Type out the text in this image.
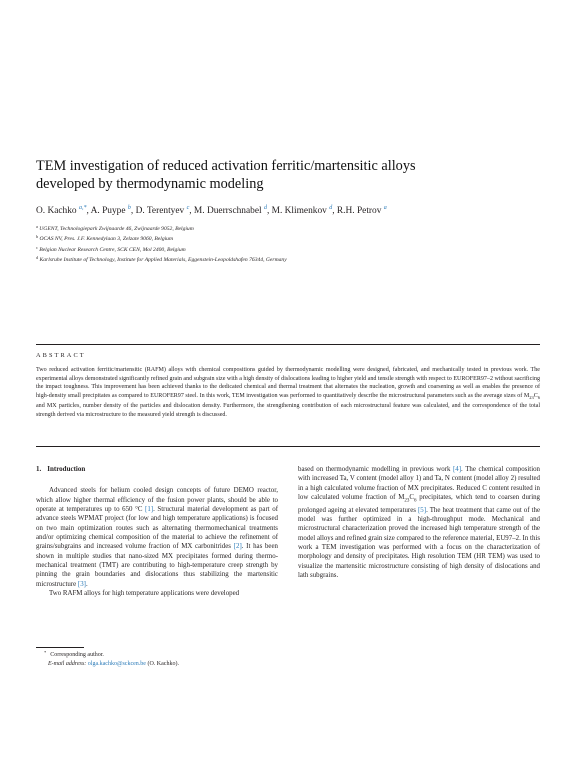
TEM investigation of reduced activation ferritic/martensitic alloys
developed by thermodynamic modeling
O. Kachko $^{a,*}$, A. Puype $^b$, D. Terentyev $^c$, M. Duerrschnabel $^d$, M. Klimenkov $^d$, R.H. Petrov $^a$
$^a$ UGENT, Technologiepark Zwijnaarde 46, Zwijnaarde 9052, Belgium
$^b$ OCAS NV, Pres. J.F. Kennedylaan 3, Zelzate 9060, Belgium
$^c$ Belgian Nuclear Research Centre, SCK CEN, Mol 2400, Belgium
$^d$ Karlsruhe Institute of Technology, Institute for Applied Materials, Eggenstein-Leopoldshafen 76344, Germany
ABSTRACT
Two reduced activation ferritic/martensitic (RAFM) alloys with chemical compositions guided by thermodynamic modelling were designed, fabricated, and mechanically tested in previous work. The experimental alloys demonstrated significantly refined grain and subgrain size with a high density of dislocations leading to higher yield and tensile strength with respect to EUROFER97–2 without sacrificing the impact toughness. This improvement has been achieved thanks to the dedicated chemical and thermal treatment that alternates the nucleation, growth and coarsening as well as enables the presence of high-density small precipitates as compared to EUROFER97 steel. In this work, TEM investigation was performed to quantitatively describe the microstructural parameters such as the average sizes of $M_{23}C_6$ and MX particles, number density of the particles and dislocation density. Furthermore, the strengthening contribution of each microstructural feature was calculated, and the correspondence of the total strength derived via microstructure to the measured yield strength is discussed.

1. Introduction

Advanced steels for helium cooled design concepts of future DEMO reactor, which allow higher thermal efficiency of the fusion power plants, should be able to operate at temperatures up to 650 °C [1]. Structural material development as part of advance steels WPMAT project (for low and high temperature applications) is focused on two main optimization routes such as alternating thermomechanical treatments and/or optimizing chemical composition of the material to achieve the refinement of grains/subgrains and increased volume fraction of MX carbonitrides [2]. It has been shown in multiple studies that nano-sized MX precipitates formed during thermo-mechanical treatment (TMT) are contributing to high-temperature creep strength by pinning the grain boundaries and dislocations thus stabilizing the martensitic microstructure [3].

Two RAFM alloys for high temperature applications were developed

based on thermodynamic modelling in previous work [4]. The chemical composition with increased Ta, V content (model alloy 1) and Ta, N content (model alloy 2) resulted in a high calculated volume fraction of MX precipitates. Reduced C content resulted in low calculated volume fraction of $M_{23}C_6$ precipitates, which tend to coarsen during prolonged ageing at elevated temperatures [5]. The heat treatment that came out of the model was further optimized in a high-throughput mode. Mechanical and microstructural characterization proved the increased high temperature strength of the model alloys and refined grain size compared to the reference material, EU97–2. In this work a TEM investigation was performed with a focus on the characterization of morphology and density of precipitates. High resolution TEM (HR TEM) was used to visualize the martensitic microstructure consisting of high density of dislocations and lath subgrains.

* Corresponding author.
E-mail address: olga.kachko@sckcen.be (O. Kachko).
